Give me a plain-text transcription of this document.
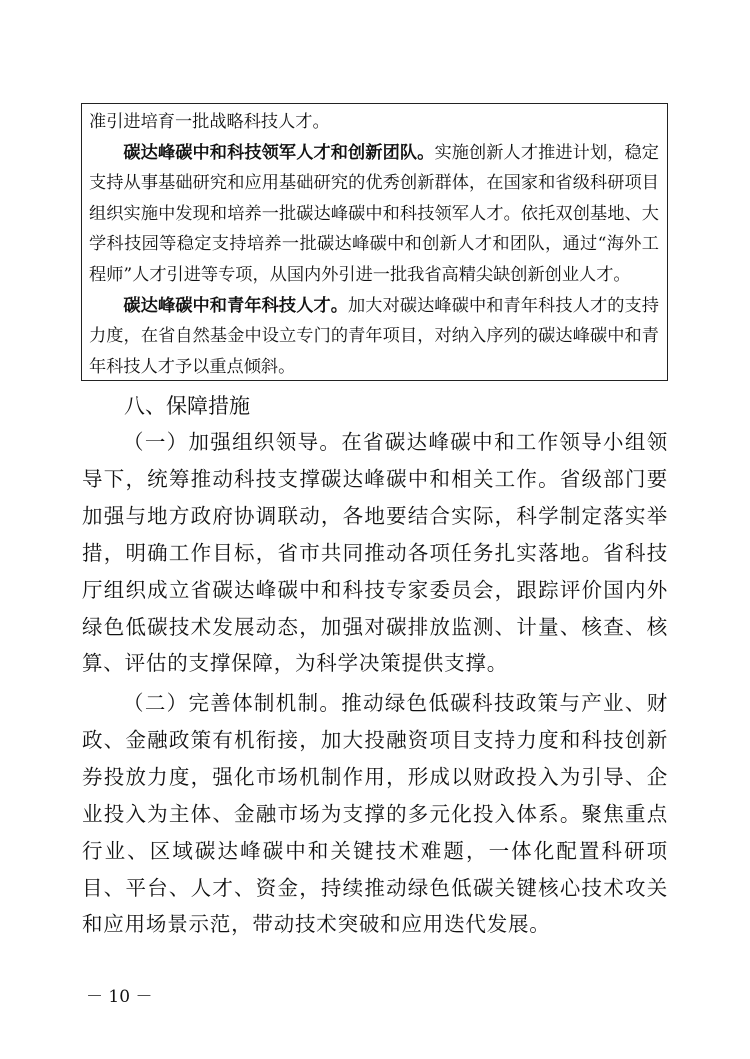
准引进培育一批战略科技人才。

碳达峰碳中和科技领军人才和创新团队。实施创新人才推进计划，稳定支持从事基础研究和应用基础研究的优秀创新群体，在国家和省级科研项目组织实施中发现和培养一批碳达峰碳中和科技领军人才。依托双创基地、大学科技园等稳定支持培养一批碳达峰碳中和创新人才和团队，通过“海外工程师”人才引进等专项，从国内外引进一批我省高精尖缺创新创业人才。

碳达峰碳中和青年科技人才。加大对碳达峰碳中和青年科技人才的支持力度，在省自然基金中设立专门的青年项目，对纳入序列的碳达峰碳中和青年科技人才予以重点倾斜。

八、保障措施

（一）加强组织领导。在省碳达峰碳中和工作领导小组领导下，统筹推动科技支撑碳达峰碳中和相关工作。省级部门要加强与地方政府协调联动，各地要结合实际，科学制定落实举措，明确工作目标，省市共同推动各项任务扎实落地。省科技厅组织成立省碳达峰碳中和科技专家委员会，跟踪评价国内外绿色低碳技术发展动态，加强对碳排放监测、计量、核查、核算、评估的支撑保障，为科学决策提供支撑。

（二）完善体制机制。推动绿色低碳科技政策与产业、财政、金融政策有机衔接，加大投融资项目支持力度和科技创新券投放力度，强化市场机制作用，形成以财政投入为引导、企业投入为主体、金融市场为支撑的多元化投入体系。聚焦重点行业、区域碳达峰碳中和关键技术难题，一体化配置科研项目、平台、人才、资金，持续推动绿色低碳关键核心技术攻关和应用场景示范，带动技术突破和应用迭代发展。

－ 10 －
